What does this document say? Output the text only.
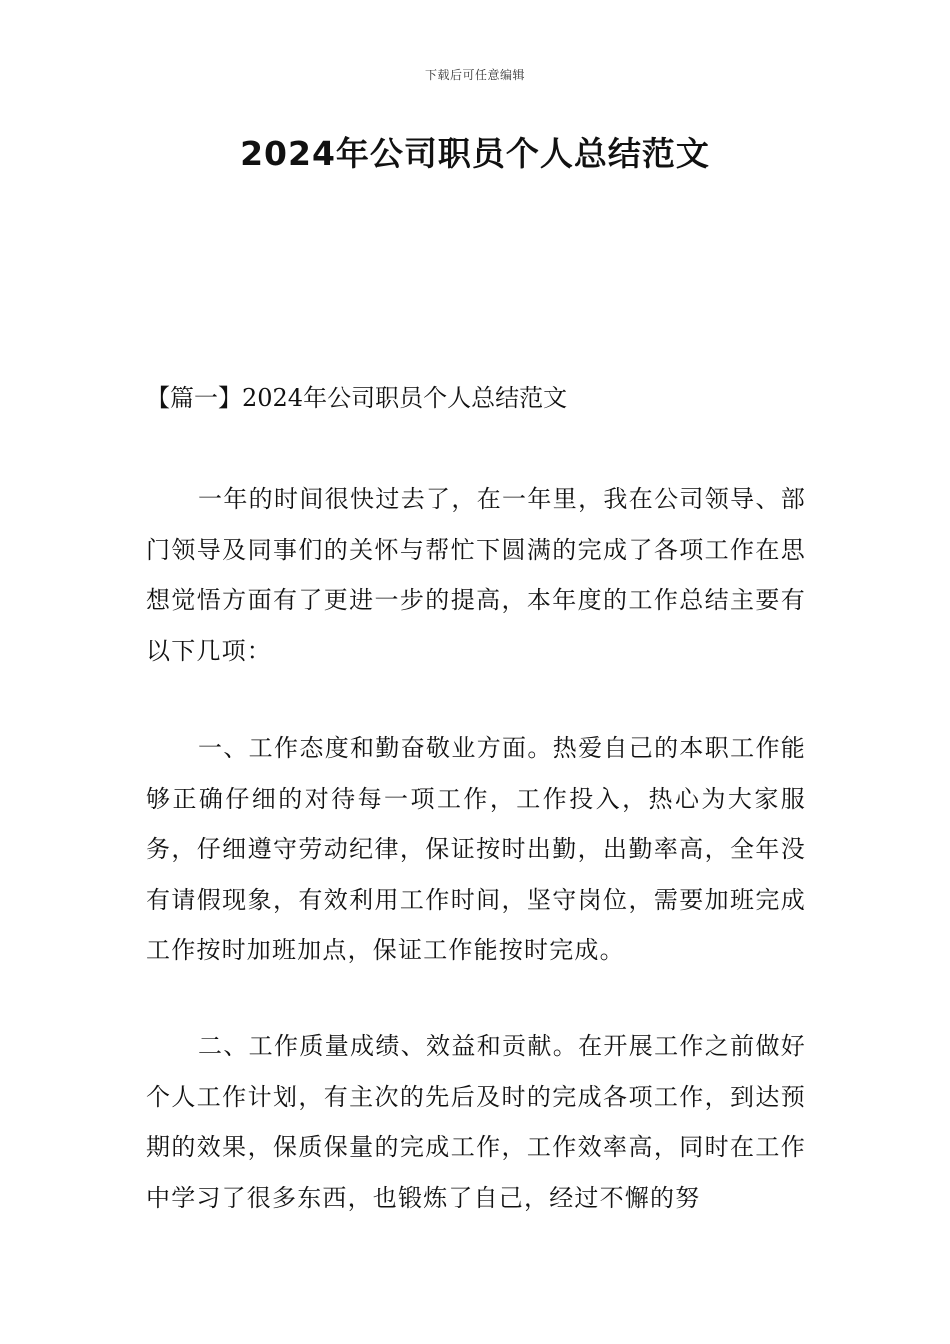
下载后可任意编辑
2024年公司职员个人总结范文

【篇一】2024年公司职员个人总结范文

一年的时间很快过去了，在一年里，我在公司领导、部门领导及同事们的关怀与帮忙下圆满的完成了各项工作在思想觉悟方面有了更进一步的提高，本年度的工作总结主要有以下几项：

一、工作态度和勤奋敬业方面。热爱自己的本职工作能够正确仔细的对待每一项工作，工作投入，热心为大家服务，仔细遵守劳动纪律，保证按时出勤，出勤率高，全年没有请假现象，有效利用工作时间，坚守岗位，需要加班完成工作按时加班加点，保证工作能按时完成。

二、工作质量成绩、效益和贡献。在开展工作之前做好个人工作计划，有主次的先后及时的完成各项工作，到达预期的效果，保质保量的完成工作，工作效率高，同时在工作中学习了很多东西，也锻炼了自己，经过不懈的努
